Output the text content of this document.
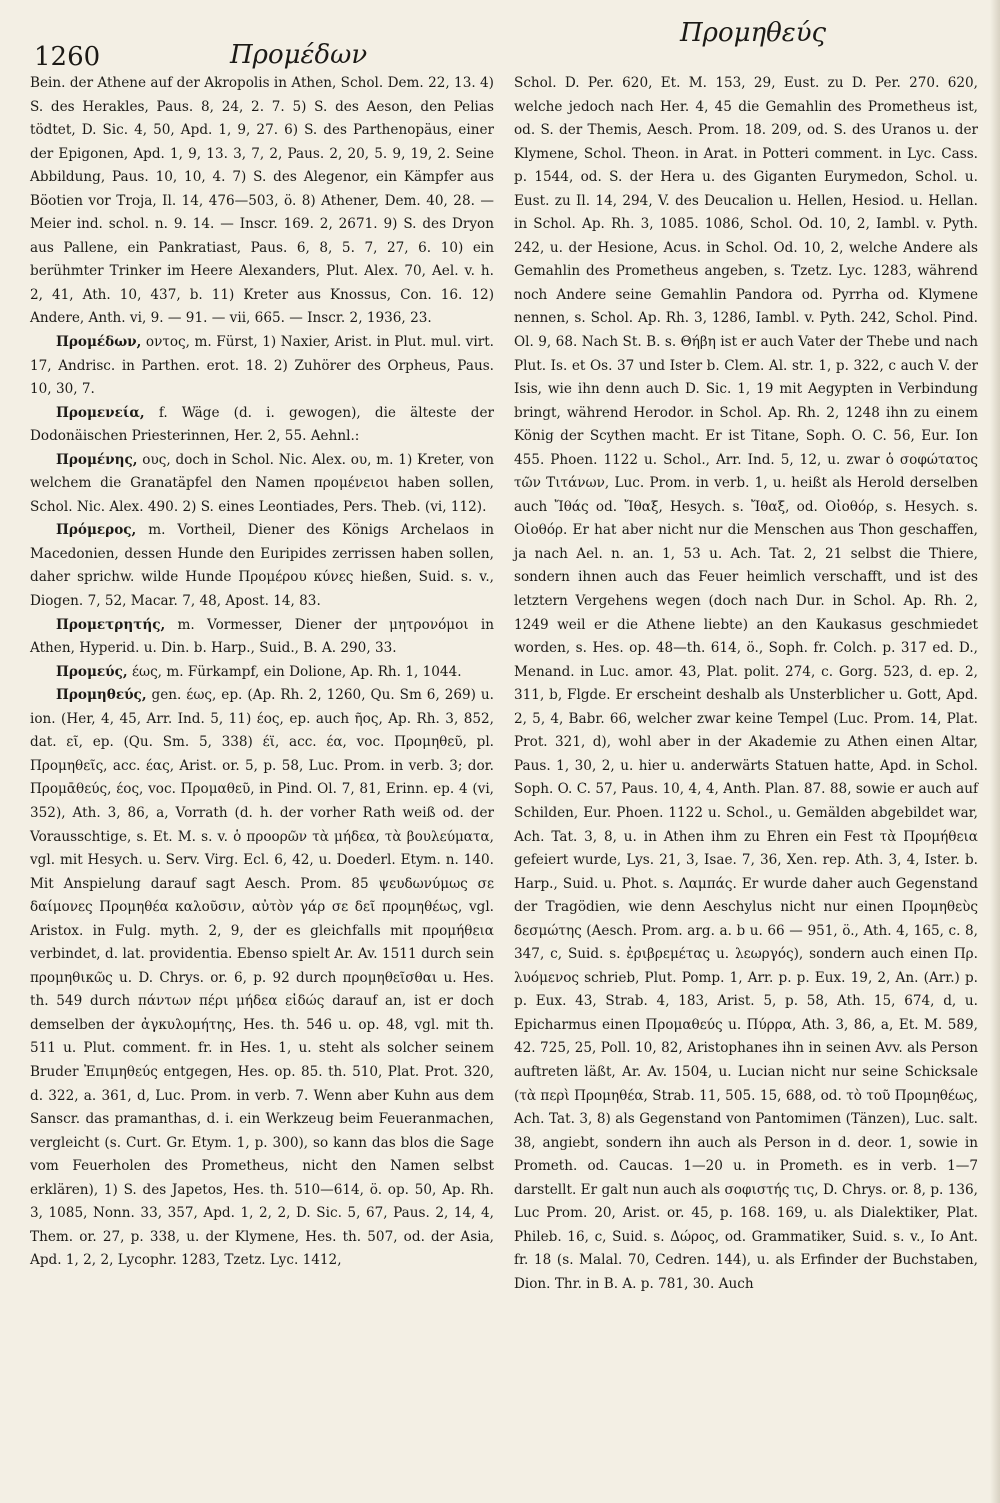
1260	Προμέδων
Προμηθεύς

Bein. der Athene auf der Akropolis in Athen, Schol. Dem. 22, 13. 4) S. des Herakles, Paus. 8, 24, 2. 7. 5) S. des Aeson, den Pelias tödtet, D. Sic. 4, 50, Apd. 1, 9, 27. 6) S. des Parthenopäus, einer der Epigonen, Apd. 1, 9, 13. 3, 7, 2, Paus. 2, 20, 5. 9, 19, 2. Seine Abbildung, Paus. 10, 10, 4. 7) S. des Alegenor, ein Kämpfer aus Böotien vor Troja, Il. 14, 476—503, ö. 8) Athener, Dem. 40, 28. — Meier ind. schol. n. 9. 14. — Inscr. 169. 2, 2671. 9) S. des Dryon aus Pallene, ein Pankratiast, Paus. 6, 8, 5. 7, 27, 6. 10) ein berühmter Trinker im Heere Alexanders, Plut. Alex. 70, Ael. v. h. 2, 41, Ath. 10, 437, b. 11) Kreter aus Knossus, Con. 16. 12) Andere, Anth. vi, 9. — 91. — vii, 665. — Inscr. 2, 1936, 23.

Προμέδων, οντος, m. Fürst, 1) Naxier, Arist. in Plut. mul. virt. 17, Andrisc. in Parthen. erot. 18. 2) Zuhörer des Orpheus, Paus. 10, 30, 7.

Προμενεία, f. Wäge (d. i. gewogen), die älteste der Dodonäischen Priesterinnen, Her. 2, 55. Aehnl.:

Προμένης, ους, doch in Schol. Nic. Alex. ου, m. 1) Kreter, von welchem die Granatäpfel den Namen προμένειοι haben sollen, Schol. Nic. Alex. 490. 2) S. eines Leontiades, Pers. Theb. (vi, 112).

Πρόμερος, m. Vortheil, Diener des Königs Archelaos in Macedonien, dessen Hunde den Euripides zerrissen haben sollen, daher sprichw. wilde Hunde Προμέρου κύνες hießen, Suid. s. v., Diogen. 7, 52, Macar. 7, 48, Apost. 14, 83.

Προμετρητής, m. Vormesser, Diener der μητρονόμοι in Athen, Hyperid. u. Din. b. Harp., Suid., B. A. 290, 33.

Προμεύς, έως, m. Fürkampf, ein Dolione, Ap. Rh. 1, 1044.

Προμηθεύς, gen. έως, ep. (Ap. Rh. 2, 1260, Qu. Sm 6, 269) u. ion. (Her, 4, 45, Arr. Ind. 5, 11) έος, ep. auch ῆος, Ap. Rh. 3, 852, dat. εῖ, ep. (Qu. Sm. 5, 338) έϊ, acc. έα, voc. Προμηθεῦ, pl. Προμηθεῖς, acc. έας, Arist. or. 5, p. 58, Luc. Prom. in verb. 3; dor. Προμᾱθεύς, έος, voc. Προμαθεῦ, in Pind. Ol. 7, 81, Erinn. ep. 4 (vi, 352), Ath. 3, 86, a, Vorrath (d. h. der vorher Rath weiß od. der Vorausschtige, s. Et. M. s. v. ὁ προορῶν τὰ μήδεα, τὰ βουλεύματα, vgl. mit Hesych. u. Serv. Virg. Ecl. 6, 42, u. Doederl. Etym. n. 140. Mit Anspielung darauf sagt Aesch. Prom. 85 ψευδωνύμως σε δαίμονες Προμηθέα καλοῦσιν, αὐτὸν γάρ σε δεῖ προμηθέως, vgl. Aristox. in Fulg. myth. 2, 9, der es gleichfalls mit προμήθεια verbindet, d. lat. providentia. Ebenso spielt Ar. Av. 1511 durch sein προμηθικῶς u. D. Chrys. or. 6, p. 92 durch προμηθεῖσθαι u. Hes. th. 549 durch πάντων πέρι μήδεα εἰδώς darauf an, ist er doch demselben der ἀγκυλομήτης, Hes. th. 546 u. op. 48, vgl. mit th. 511 u. Plut. comment. fr. in Hes. 1, u. steht als solcher seinem Bruder Ἐπιμηθεύς entgegen, Hes. op. 85. th. 510, Plat. Prot. 320, d. 322, a. 361, d, Luc. Prom. in verb. 7. Wenn aber Kuhn aus dem Sanscr. das pramanthas, d. i. ein Werkzeug beim Feueranmachen, vergleicht (s. Curt. Gr. Etym. 1, p. 300), so kann das blos die Sage vom Feuerholen des Prometheus, nicht den Namen selbst erklären), 1) S. des Japetos, Hes. th. 510—614, ö. op. 50, Ap. Rh. 3, 1085, Nonn. 33, 357, Apd. 1, 2, 2, D. Sic. 5, 67, Paus. 2, 14, 4, Them. or. 27, p. 338, u. der Klymene, Hes. th. 507, od. der Asia, Apd. 1, 2, 2, Lycophr. 1283, Tzetz. Lyc. 1412,

Schol. D. Per. 620, Et. M. 153, 29, Eust. zu D. Per. 270. 620, welche jedoch nach Her. 4, 45 die Gemahlin des Prometheus ist, od. S. der Themis, Aesch. Prom. 18. 209, od. S. des Uranos u. der Klymene, Schol. Theon. in Arat. in Potteri comment. in Lyc. Cass. p. 1544, od. S. der Hera u. des Giganten Eurymedon, Schol. u. Eust. zu Il. 14, 294, V. des Deucalion u. Hellen, Hesiod. u. Hellan. in Schol. Ap. Rh. 3, 1085. 1086, Schol. Od. 10, 2, Iambl. v. Pyth. 242, u. der Hesione, Acus. in Schol. Od. 10, 2, welche Andere als Gemahlin des Prometheus angeben, s. Tzetz. Lyc. 1283, während noch Andere seine Gemahlin Pandora od. Pyrrha od. Klymene nennen, s. Schol. Ap. Rh. 3, 1286, Iambl. v. Pyth. 242, Schol. Pind. Ol. 9, 68. Nach St. B. s. Θήβη ist er auch Vater der Thebe und nach Plut. Is. et Os. 37 und Ister b. Clem. Al. str. 1, p. 322, c auch V. der Isis, wie ihn denn auch D. Sic. 1, 19 mit Aegypten in Verbindung bringt, während Herodor. in Schol. Ap. Rh. 2, 1248 ihn zu einem König der Scythen macht. Er ist Titane, Soph. O. C. 56, Eur. Ion 455. Phoen. 1122 u. Schol., Arr. Ind. 5, 12, u. zwar ὁ σοφώτατος τῶν Τιτάνων, Luc. Prom. in verb. 1, u. heißt als Herold derselben auch Ἴθάς od. Ἴθαξ, Hesych. s. Ἴθαξ, od. Οἰοθόρ, s. Hesych. s. Οἰοθόρ. Er hat aber nicht nur die Menschen aus Thon geschaffen, ja nach Ael. n. an. 1, 53 u. Ach. Tat. 2, 21 selbst die Thiere, sondern ihnen auch das Feuer heimlich verschafft, und ist des letztern Vergehens wegen (doch nach Dur. in Schol. Ap. Rh. 2, 1249 weil er die Athene liebte) an den Kaukasus geschmiedet worden, s. Hes. op. 48—th. 614, ö., Soph. fr. Colch. p. 317 ed. D., Menand. in Luc. amor. 43, Plat. polit. 274, c. Gorg. 523, d. ep. 2, 311, b, Flgde. Er erscheint deshalb als Unsterblicher u. Gott, Apd. 2, 5, 4, Babr. 66, welcher zwar keine Tempel (Luc. Prom. 14, Plat. Prot. 321, d), wohl aber in der Akademie zu Athen einen Altar, Paus. 1, 30, 2, u. hier u. anderwärts Statuen hatte, Apd. in Schol. Soph. O. C. 57, Paus. 10, 4, 4, Anth. Plan. 87. 88, sowie er auch auf Schilden, Eur. Phoen. 1122 u. Schol., u. Gemälden abgebildet war, Ach. Tat. 3, 8, u. in Athen ihm zu Ehren ein Fest τὰ Προμήθεια gefeiert wurde, Lys. 21, 3, Isae. 7, 36, Xen. rep. Ath. 3, 4, Ister. b. Harp., Suid. u. Phot. s. Λαμπάς. Er wurde daher auch Gegenstand der Tragödien, wie denn Aeschylus nicht nur einen Προμηθεὺς δεσμώτης (Aesch. Prom. arg. a. b u. 66 — 951, ö., Ath. 4, 165, c. 8, 347, c, Suid. s. ἐριβρεμέτας u. λεωργός), sondern auch einen Πρ. λυόμενος schrieb, Plut. Pomp. 1, Arr. p. p. Eux. 19, 2, An. (Arr.) p. p. Eux. 43, Strab. 4, 183, Arist. 5, p. 58, Ath. 15, 674, d, u. Epicharmus einen Προμαθεύς u. Πύρρα, Ath. 3, 86, a, Et. M. 589, 42. 725, 25, Poll. 10, 82, Aristophanes ihn in seinen Avv. als Person auftreten läßt, Ar. Av. 1504, u. Lucian nicht nur seine Schicksale (τὰ περὶ Προμηθέα, Strab. 11, 505. 15, 688, od. τὸ τοῦ Προμηθέως, Ach. Tat. 3, 8) als Gegenstand von Pantomimen (Tänzen), Luc. salt. 38, angiebt, sondern ihn auch als Person in d. deor. 1, sowie in Prometh. od. Caucas. 1—20 u. in Prometh. es in verb. 1—7 darstellt. Er galt nun auch als σοφιστής τις, D. Chrys. or. 8, p. 136, Luc Prom. 20, Arist. or. 45, p. 168. 169, u. als Dialektiker, Plat. Phileb. 16, c, Suid. s. Δώρος, od. Grammatiker, Suid. s. v., Io Ant. fr. 18 (s. Malal. 70, Cedren. 144), u. als Erfinder der Buchstaben, Dion. Thr. in B. A. p. 781, 30. Auch
